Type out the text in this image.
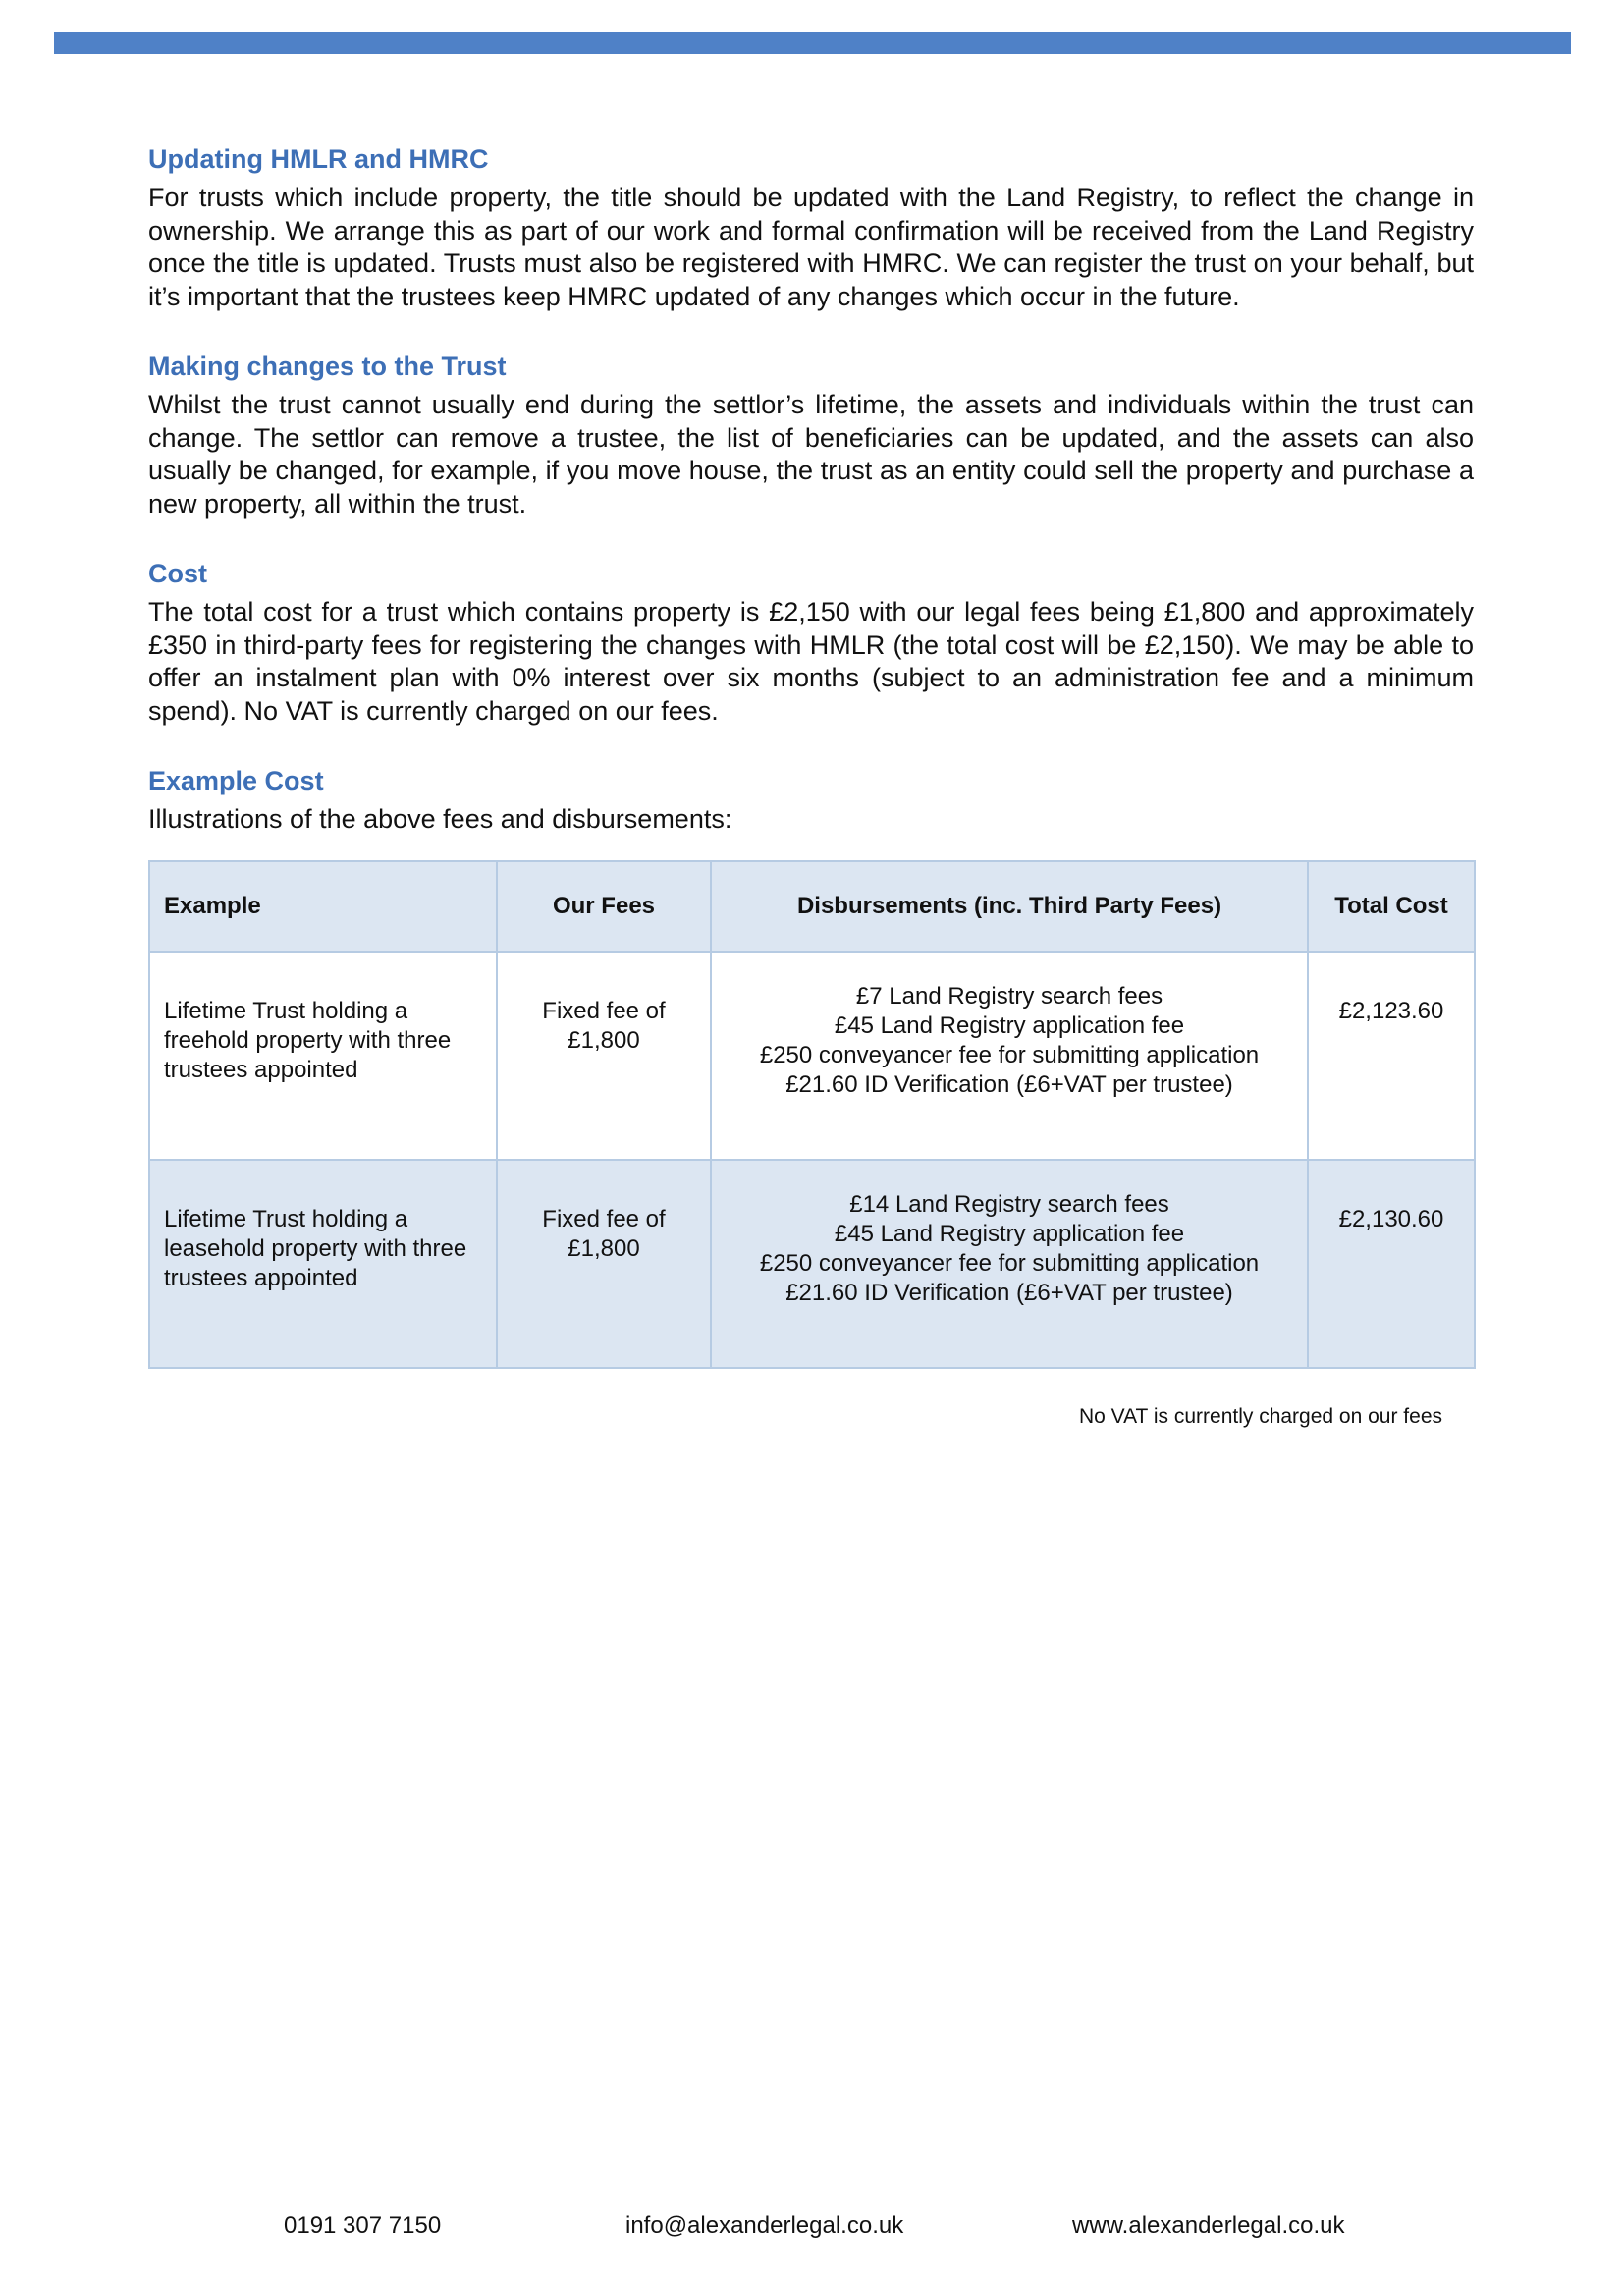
Updating HMLR and HMRC

For trusts which include property, the title should be updated with the Land Registry, to reflect the change in ownership. We arrange this as part of our work and formal confirmation will be received from the Land Registry once the title is updated. Trusts must also be registered with HMRC. We can register the trust on your behalf, but it’s important that the trustees keep HMRC updated of any changes which occur in the future.

Making changes to the Trust

Whilst the trust cannot usually end during the settlor’s lifetime, the assets and individuals within the trust can change. The settlor can remove a trustee, the list of beneficiaries can be updated, and the assets can also usually be changed, for example, if you move house, the trust as an entity could sell the property and purchase a new property, all within the trust.

Cost

The total cost for a trust which contains property is £2,150 with our legal fees being £1,800 and approximately £350 in third-party fees for registering the changes with HMLR (the total cost will be £2,150). We may be able to offer an instalment plan with 0% interest over six months (subject to an administration fee and a minimum spend). No VAT is currently charged on our fees.

Example Cost

Illustrations of the above fees and disbursements:

Example	Our Fees	Disbursements (inc. Third Party Fees)	Total Cost
Lifetime Trust holding a freehold property with three trustees appointed	Fixed fee of £1,800	£7 Land Registry search fees
£45 Land Registry application fee
£250 conveyancer fee for submitting application
£21.60 ID Verification (£6+VAT per trustee)	£2,123.60
Lifetime Trust holding a leasehold property with three trustees appointed	Fixed fee of £1,800	£14 Land Registry search fees
£45 Land Registry application fee
£250 conveyancer fee for submitting application
£21.60 ID Verification (£6+VAT per trustee)	£2,130.60
No VAT is currently charged on our fees
0191 307 7150	info@alexanderlegal.co.uk	www.alexanderlegal.co.uk
